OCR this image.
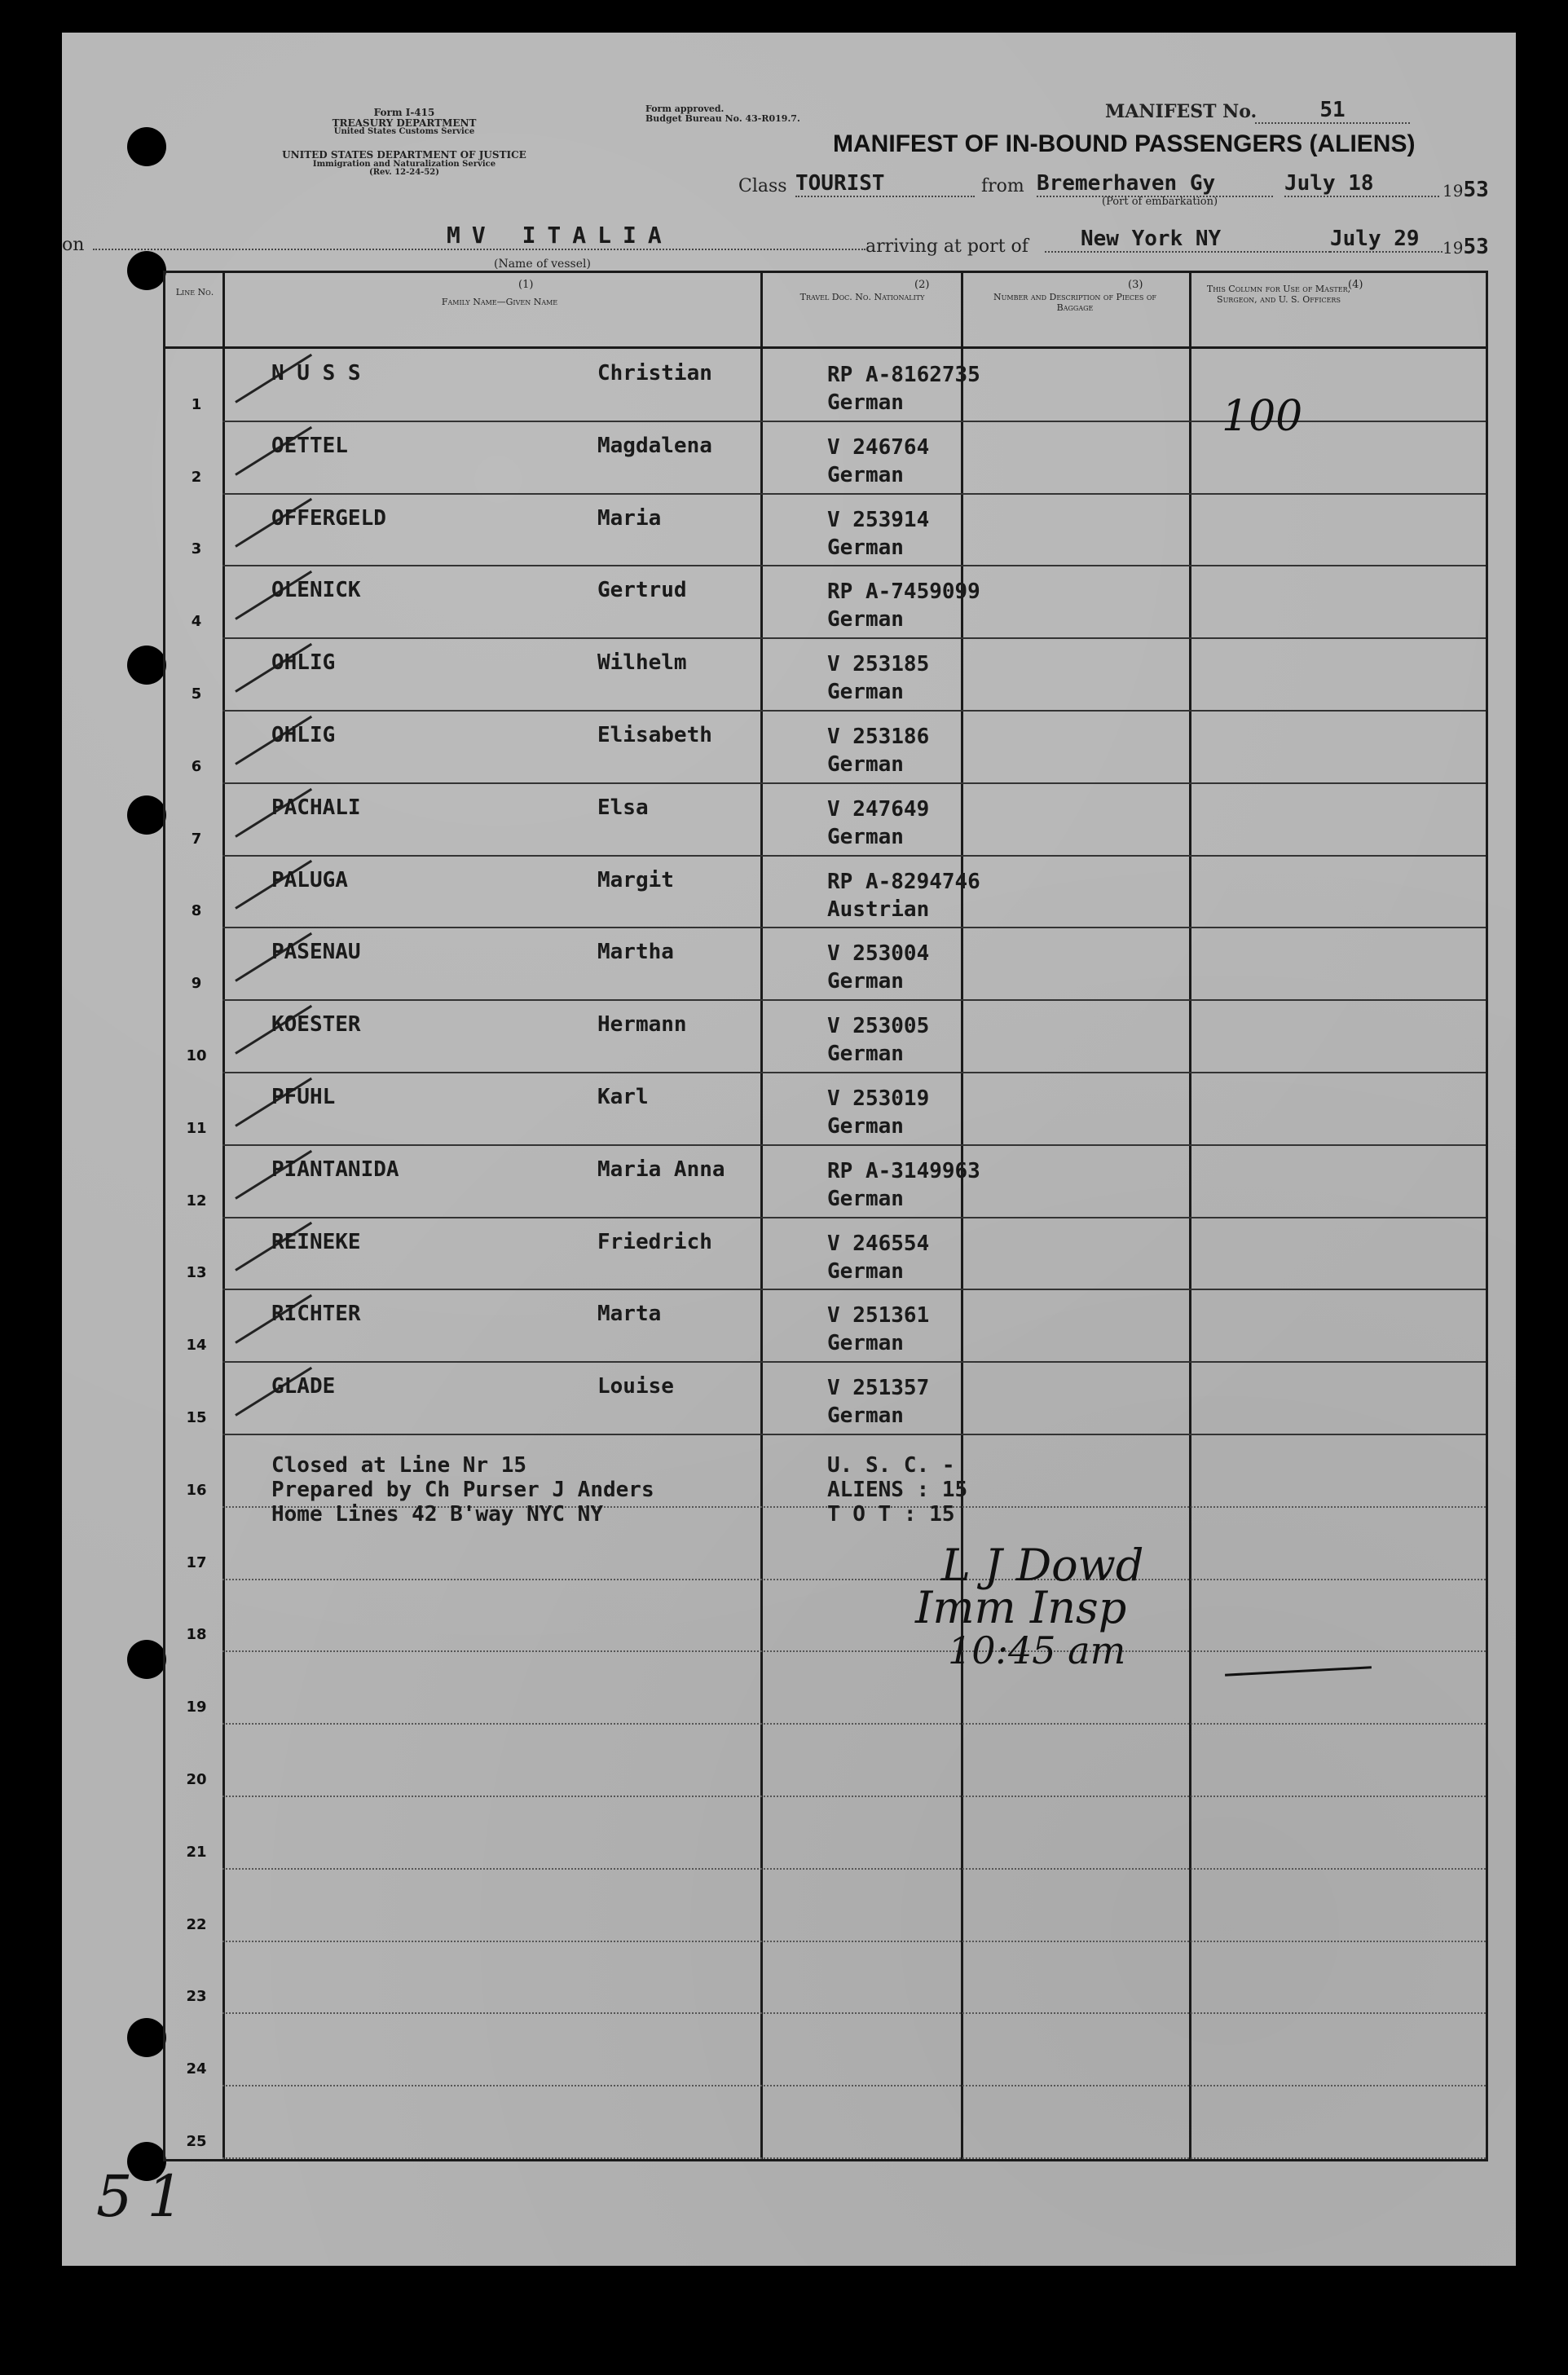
Form I-415
TREASURY DEPARTMENT
United States Customs Service
UNITED STATES DEPARTMENT OF JUSTICE
Immigration and Naturalization Service
(Rev. 12-24-52)
Form approved.
Budget Bureau No. 43-R019.7.	MANIFEST No.	51
MANIFEST OF IN-BOUND PASSENGERS (ALIENS)
Class TOURIST	from Bremerhaven Gy	July 18	1953
(Port of embarkation)
on	MV ITALIA
(Name of vessel)
arriving at port of	New York NY	July 29	1953
(1)	(2)	(3)	(4)
Line No.
Family Name—Given Name	Travel Doc. No. Nationality	Number and Description of Pieces of Baggage
This Column for Use of Master, Surgeon, and U. S. Officers
1
N U S S	Christian	RP A-8162735
German
2
OETTEL	Magdalena	V 246764
German
3
OFFERGELD	Maria	V 253914
German
4
OLENICK	Gertrud	RP A-7459099
German
5
OHLIG	Wilhelm	V 253185
German
6
OHLIG	Elisabeth	V 253186
German
7
PACHALI	Elsa	V 247649
German
8
PALUGA	Margit	RP A-8294746
Austrian
9
PASENAU	Martha	V 253004
German
10
KOESTER	Hermann	V 253005
German
11
PFUHL	Karl	V 253019
German
12
PIANTANIDA	Maria Anna	RP A-3149963
German
13
REINEKE	Friedrich	V 246554
German
14
RICHTER	Marta	V 251361
German
15
GLADE	Louise	V 251357
German
16
17
18
19
20
21
22
23
24
25
100
Closed at Line Nr 15
Prepared by Ch Purser J Anders
Home Lines 42 B'way NYC NY
U. S. C. -
ALIENS : 15
T O T : 15
L J Dowd
Imm Insp
10:45 am
51
